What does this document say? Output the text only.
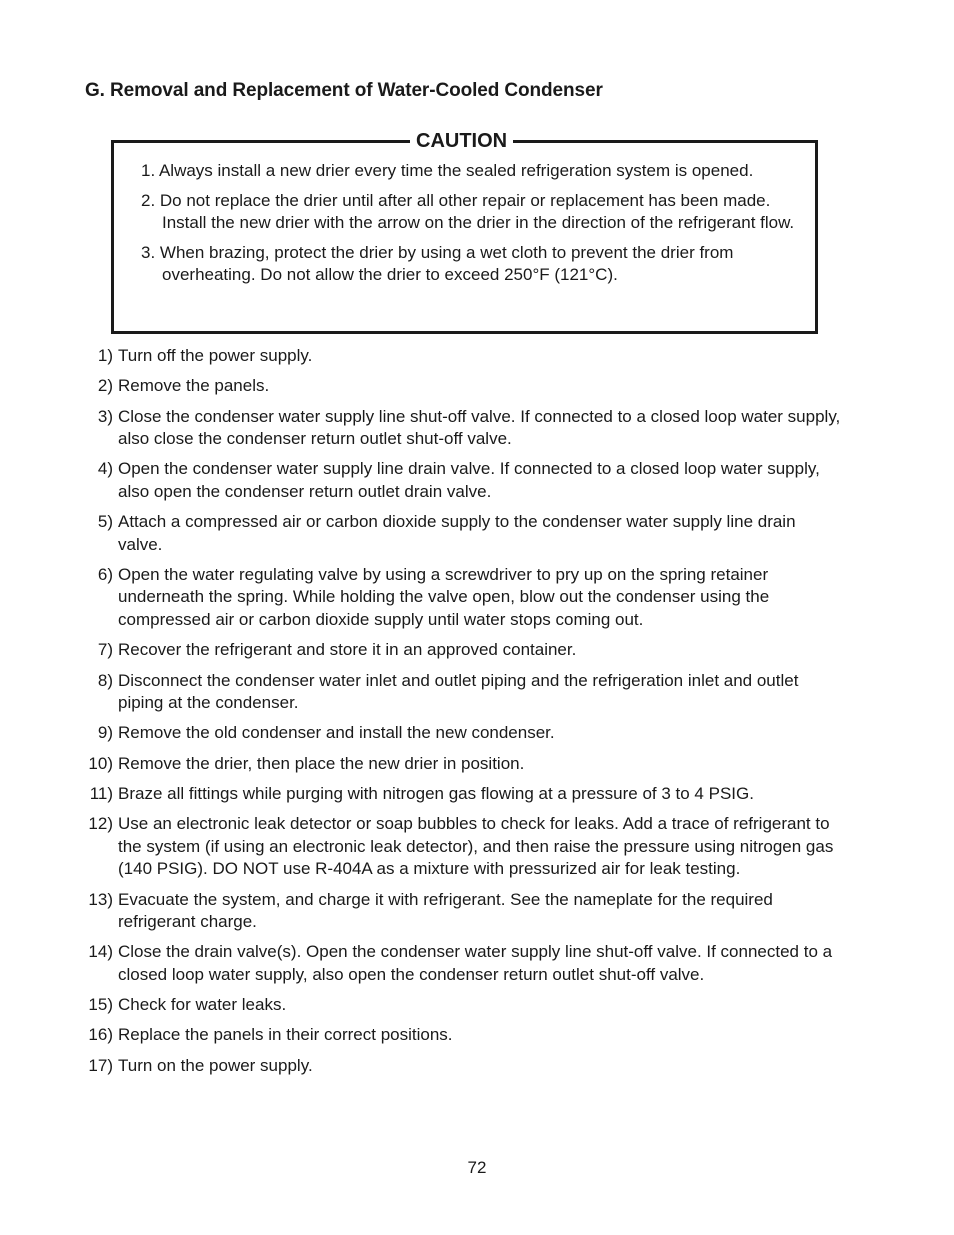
G. Removal and Replacement of Water-Cooled Condenser
CAUTION
1. Always install a new drier every time the sealed refrigeration system is opened.
2. Do not replace the drier until after all other repair or replacement has been made. Install the new drier with the arrow on the drier in the direction of the refrigerant flow.
3. When brazing, protect the drier by using a wet cloth to prevent the drier from overheating. Do not allow the drier to exceed 250°F (121°C).
1) Turn off the power supply.
2) Remove the panels.
3) Close the condenser water supply line shut-off valve. If connected to a closed loop water supply, also close the condenser return outlet shut-off valve.
4) Open the condenser water supply line drain valve. If connected to a closed loop water supply, also open the condenser return outlet drain valve.
5) Attach a compressed air or carbon dioxide supply to the condenser water supply line drain valve.
6) Open the water regulating valve by using a screwdriver to pry up on the spring retainer underneath the spring. While holding the valve open, blow out the condenser using the compressed air or carbon dioxide supply until water stops coming out.
7) Recover the refrigerant and store it in an approved container.
8) Disconnect the condenser water inlet and outlet piping and the refrigeration inlet and outlet piping at the condenser.
9) Remove the old condenser and install the new condenser.
10) Remove the drier, then place the new drier in position.
11) Braze all fittings while purging with nitrogen gas flowing at a pressure of 3 to 4 PSIG.
12) Use an electronic leak detector or soap bubbles to check for leaks. Add a trace of refrigerant to the system (if using an electronic leak detector), and then raise the pressure using nitrogen gas (140 PSIG). DO NOT use R-404A as a mixture with pressurized air for leak testing.
13) Evacuate the system, and charge it with refrigerant. See the nameplate for the required refrigerant charge.
14) Close the drain valve(s). Open the condenser water supply line shut-off valve. If connected to a closed loop water supply, also open the condenser return outlet shut-off valve.
15) Check for water leaks.
16) Replace the panels in their correct positions.
17) Turn on the power supply.
72
